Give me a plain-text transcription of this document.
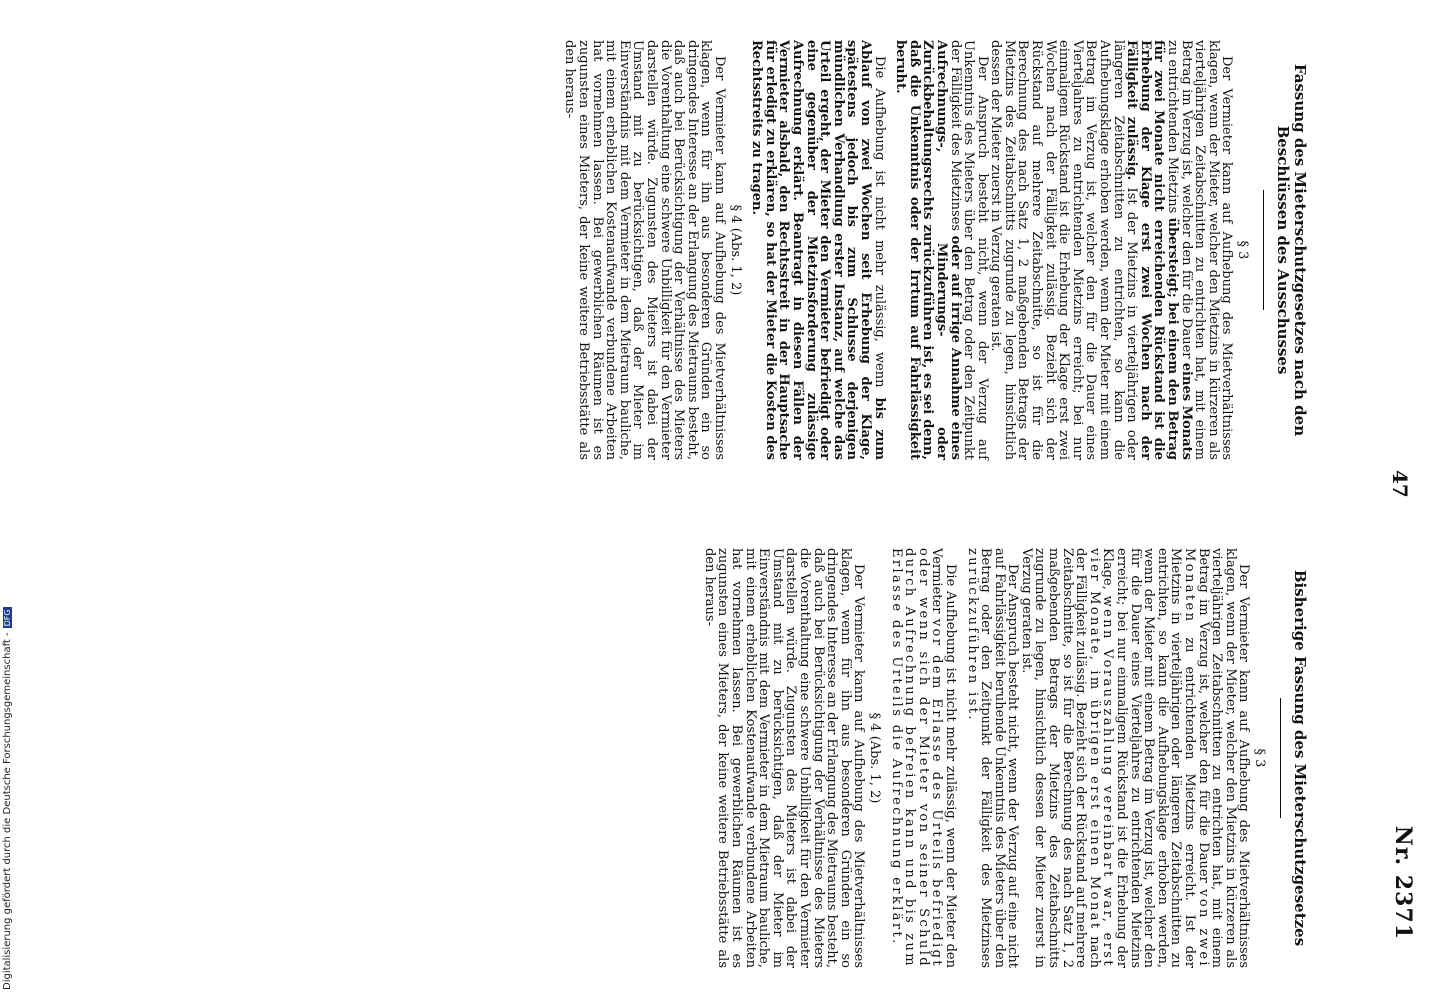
47
Nr. 2371
Fassung des Mieterschutzgesetzes nach den Beschlüssen des Ausschusses
§ 3

Der Vermieter kann auf Aufhebung des Mietverhältnisses klagen, wenn der Mieter, welcher den Mietzins in kürzeren als vierteljährigen Zeitabschnitten zu entrichten hat, mit einem Betrag im Verzug ist, welcher den für die Dauer eines Monats zu entrichtenden Mietzins übersteigt; bei einem den Betrag für zwei Monate nicht erreichenden Rückstand ist die Erhebung der Klage erst zwei Wochen nach der Fälligkeit zulässig. Ist der Mietzins in vierteljährigen oder längeren Zeitabschnitten zu entrichten, so kann die Aufhebungsklage erhoben werden, wenn der Mieter mit einem Betrag im Verzug ist, welcher den für die Dauer eines Vierteljahres zu entrichtenden Mietzins erreicht; bei nur einmaligem Rückstand ist die Erhebung der Klage erst zwei Wochen nach der Fälligkeit zulässig. Bezieht sich der Rückstand auf mehrere Zeitabschnitte, so ist für die Berechnung des nach Satz 1, 2 maßgebenden Betrags der Mietzins des Zeitabschnitts zugrunde zu legen, hinsichtlich dessen der Mieter zuerst in Verzug geraten ist.

Der Anspruch besteht nicht, wenn der Verzug auf Unkenntnis des Mieters über den Betrag oder den Zeitpunkt der Fälligkeit des Mietzinses oder auf irrige Annahme eines Aufrechnungs-, Minderungs- oder Zurückbehaltungsrechts zurückzuführen ist, es sei denn, daß die Unkenntnis oder der Irrtum auf Fahrlässigkeit beruht.

Die Aufhebung ist nicht mehr zulässig, wenn bis zum Ablauf von zwei Wochen seit Erhebung der Klage, spätestens jedoch bis zum Schlusse derjenigen mündlichen Verhandlung erster Instanz, auf welche das Urteil ergeht, der Mieter den Vermieter befriedigt oder eine gegenüber der Mietzinsforderung zulässige Aufrechnung erklärt. Beantragt in diesen Fällen der Vermieter alsbald, den Rechtsstreit in der Hauptsache für erledigt zu erklären, so hat der Mieter die Kosten des Rechtsstreits zu tragen.

§ 4 (Abs. 1, 2)

Der Vermieter kann auf Aufhebung des Mietverhältnisses klagen, wenn für ihn aus besonderen Gründen ein so dringendes Interesse an der Erlangung des Mietraums besteht, daß auch bei Berücksichtigung der Verhältnisse des Mieters die Vorenthaltung eine schwere Unbilligkeit für den Vermieter darstellen würde. Zugunsten des Mieters ist dabei der Umstand mit zu berücksichtigen, daß der Mieter im Einverständnis mit dem Vermieter in dem Mietraum bauliche, mit einem erheblichen Kostenaufwande verbundene Arbeiten hat vornehmen lassen. Bei gewerblichen Räumen ist es zugunsten eines Mieters, der keine weitere Betriebsstätte als den heraus-

Bisherige Fassung des Mieterschutzgesetzes
§ 3

Der Vermieter kann auf Aufhebung des Mietverhältnisses klagen, wenn der Mieter, welcher den Mietzins in kürzeren als vierteljährigen Zeitabschnitten zu entrichten hat, mit einem Betrag im Verzug ist, welcher den für die Dauer von zwei Monaten zu entrichtenden Mietzins erreicht. Ist der Mietzins in vierteljährigen oder längeren Zeitabschnitten zu entrichten, so kann die Aufhebungsklage erhoben werden, wenn der Mieter mit einem Betrag im Verzug ist, welcher den für die Dauer eines Vierteljahres zu entrichtenden Mietzins erreicht; bei nur einmaligem Rückstand ist die Erhebung der Klage, wenn Vorauszahlung vereinbart war, erst vier Monate, im übrigen erst einen Monat nach der Fälligkeit zulässig. Bezieht sich der Rückstand auf mehrere Zeitabschnitte, so ist für die Berechnung des nach Satz 1, 2 maßgebenden Betrags der Mietzins des Zeitabschnitts zugrunde zu legen, hinsichtlich dessen der Mieter zuerst in Verzug geraten ist.

Der Anspruch besteht nicht, wenn der Verzug auf eine nicht auf Fahrlässigkeit beruhende Unkenntnis des Mieters über den Betrag oder den Zeitpunkt der Fälligkeit des Mietzinses zurückzuführen ist.

Die Aufhebung ist nicht mehr zulässig, wenn der Mieter den Vermieter vor dem Erlasse des Urteils befriedigt oder wenn sich der Mieter von seiner Schuld durch Aufrechnung befreien kann und bis zum Erlasse des Urteils die Aufrechnung erklärt.

§ 4 (Abs. 1, 2)

Der Vermieter kann auf Aufhebung des Mietverhältnisses klagen, wenn für ihn aus besonderen Gründen ein so dringendes Interesse an der Erlangung des Mietraums besteht, daß auch bei Berücksichtigung der Verhältnisse des Mieters die Vorenthaltung eine schwere Unbilligkeit für den Vermieter darstellen würde. Zugunsten des Mieters ist dabei der Umstand mit zu berücksichtigen, daß der Mieter im Einverständnis mit dem Vermieter in dem Mietraum bauliche, mit einem erheblichen Kostenaufwande verbundene Arbeiten hat vornehmen lassen. Bei gewerblichen Räumen ist es zugunsten eines Mieters, der keine weitere Betriebsstätte als den heraus-

Digitalisierung gefördert durch die Deutsche Forschungsgemeinschaft -DFG
